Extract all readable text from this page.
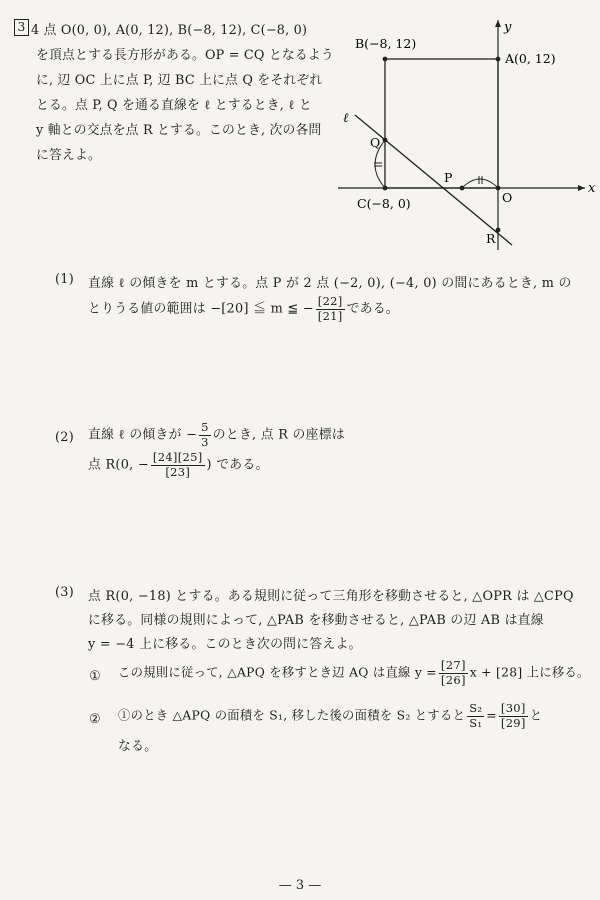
3 4 点 O(0, 0), A(0, 12), B(−8, 12), C(−8, 0)
を頂点とする長方形がある。OP = CQ となるよう
に, 辺 OC 上に点 P, 辺 BC 上に点 Q をそれぞれ
とる。点 P, Q を通る直線を ℓ とするとき, ℓ と
y 軸との交点を点 R とする。このとき, 次の各問
に答えよ。
B(−8, 12)
A(0, 12)
C(−8, 0)
Q
P
O
R
ℓ
y
x
(1) 直線 ℓ の傾きを m とする。点 P が 2 点 (−2, 0), (−4, 0) の間にあるとき, m の
とりうる値の範囲は −[20] ≦ m ≦ − $\frac{[22]}{[21]}$ である。
(2) 直線 ℓ の傾きが − $\frac{5}{3}$ のとき, 点 R の座標は
点 R(0, − $\frac{[24][25]}{[23]}$ ) である。
(3) 点 R(0, −18) とする。ある規則に従って三角形を移動させると, △OPR は △CPQ
に移る。同様の規則によって, △PAB を移動させると, △PAB の辺 AB は直線
y = −4 上に移る。このとき次の問に答えよ。
① この規則に従って, △APQ を移すとき辺 AQ は直線 $y = \frac{[27]}{[26]}$ x + [28] 上に移る。
② ①のとき △APQ の面積を S₁, 移した後の面積を S₂ とすると $\frac{\text{S₂}}{\text{S₁}} = \frac{[30]}{[29]}$ と
なる。
— 3 —
